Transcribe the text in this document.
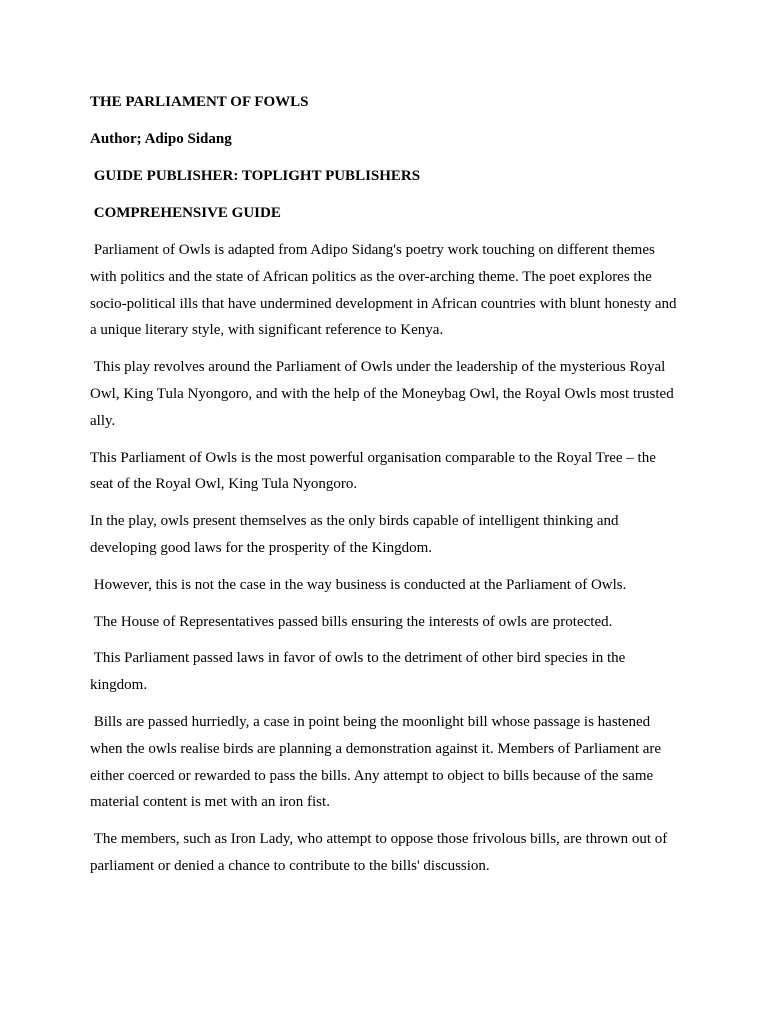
THE PARLIAMENT OF FOWLS
Author; Adipo Sidang
GUIDE PUBLISHER: TOPLIGHT PUBLISHERS
COMPREHENSIVE GUIDE

Parliament of Owls is adapted from Adipo Sidang's poetry work touching on different themes with politics and the state of African politics as the over-arching theme. The poet explores the socio-political ills that have undermined development in African countries with blunt honesty and a unique literary style, with significant reference to Kenya.

This play revolves around the Parliament of Owls under the leadership of the mysterious Royal Owl, King Tula Nyongoro, and with the help of the Moneybag Owl, the Royal Owls most trusted ally.

This Parliament of Owls is the most powerful organisation comparable to the Royal Tree – the seat of the Royal Owl, King Tula Nyongoro.

In the play, owls present themselves as the only birds capable of intelligent thinking and developing good laws for the prosperity of the Kingdom.

However, this is not the case in the way business is conducted at the Parliament of Owls.

The House of Representatives passed bills ensuring the interests of owls are protected.

This Parliament passed laws in favor of owls to the detriment of other bird species in the kingdom.

Bills are passed hurriedly, a case in point being the moonlight bill whose passage is hastened when the owls realise birds are planning a demonstration against it. Members of Parliament are either coerced or rewarded to pass the bills. Any attempt to object to bills because of the same material content is met with an iron fist.

The members, such as Iron Lady, who attempt to oppose those frivolous bills, are thrown out of parliament or denied a chance to contribute to the bills' discussion.
